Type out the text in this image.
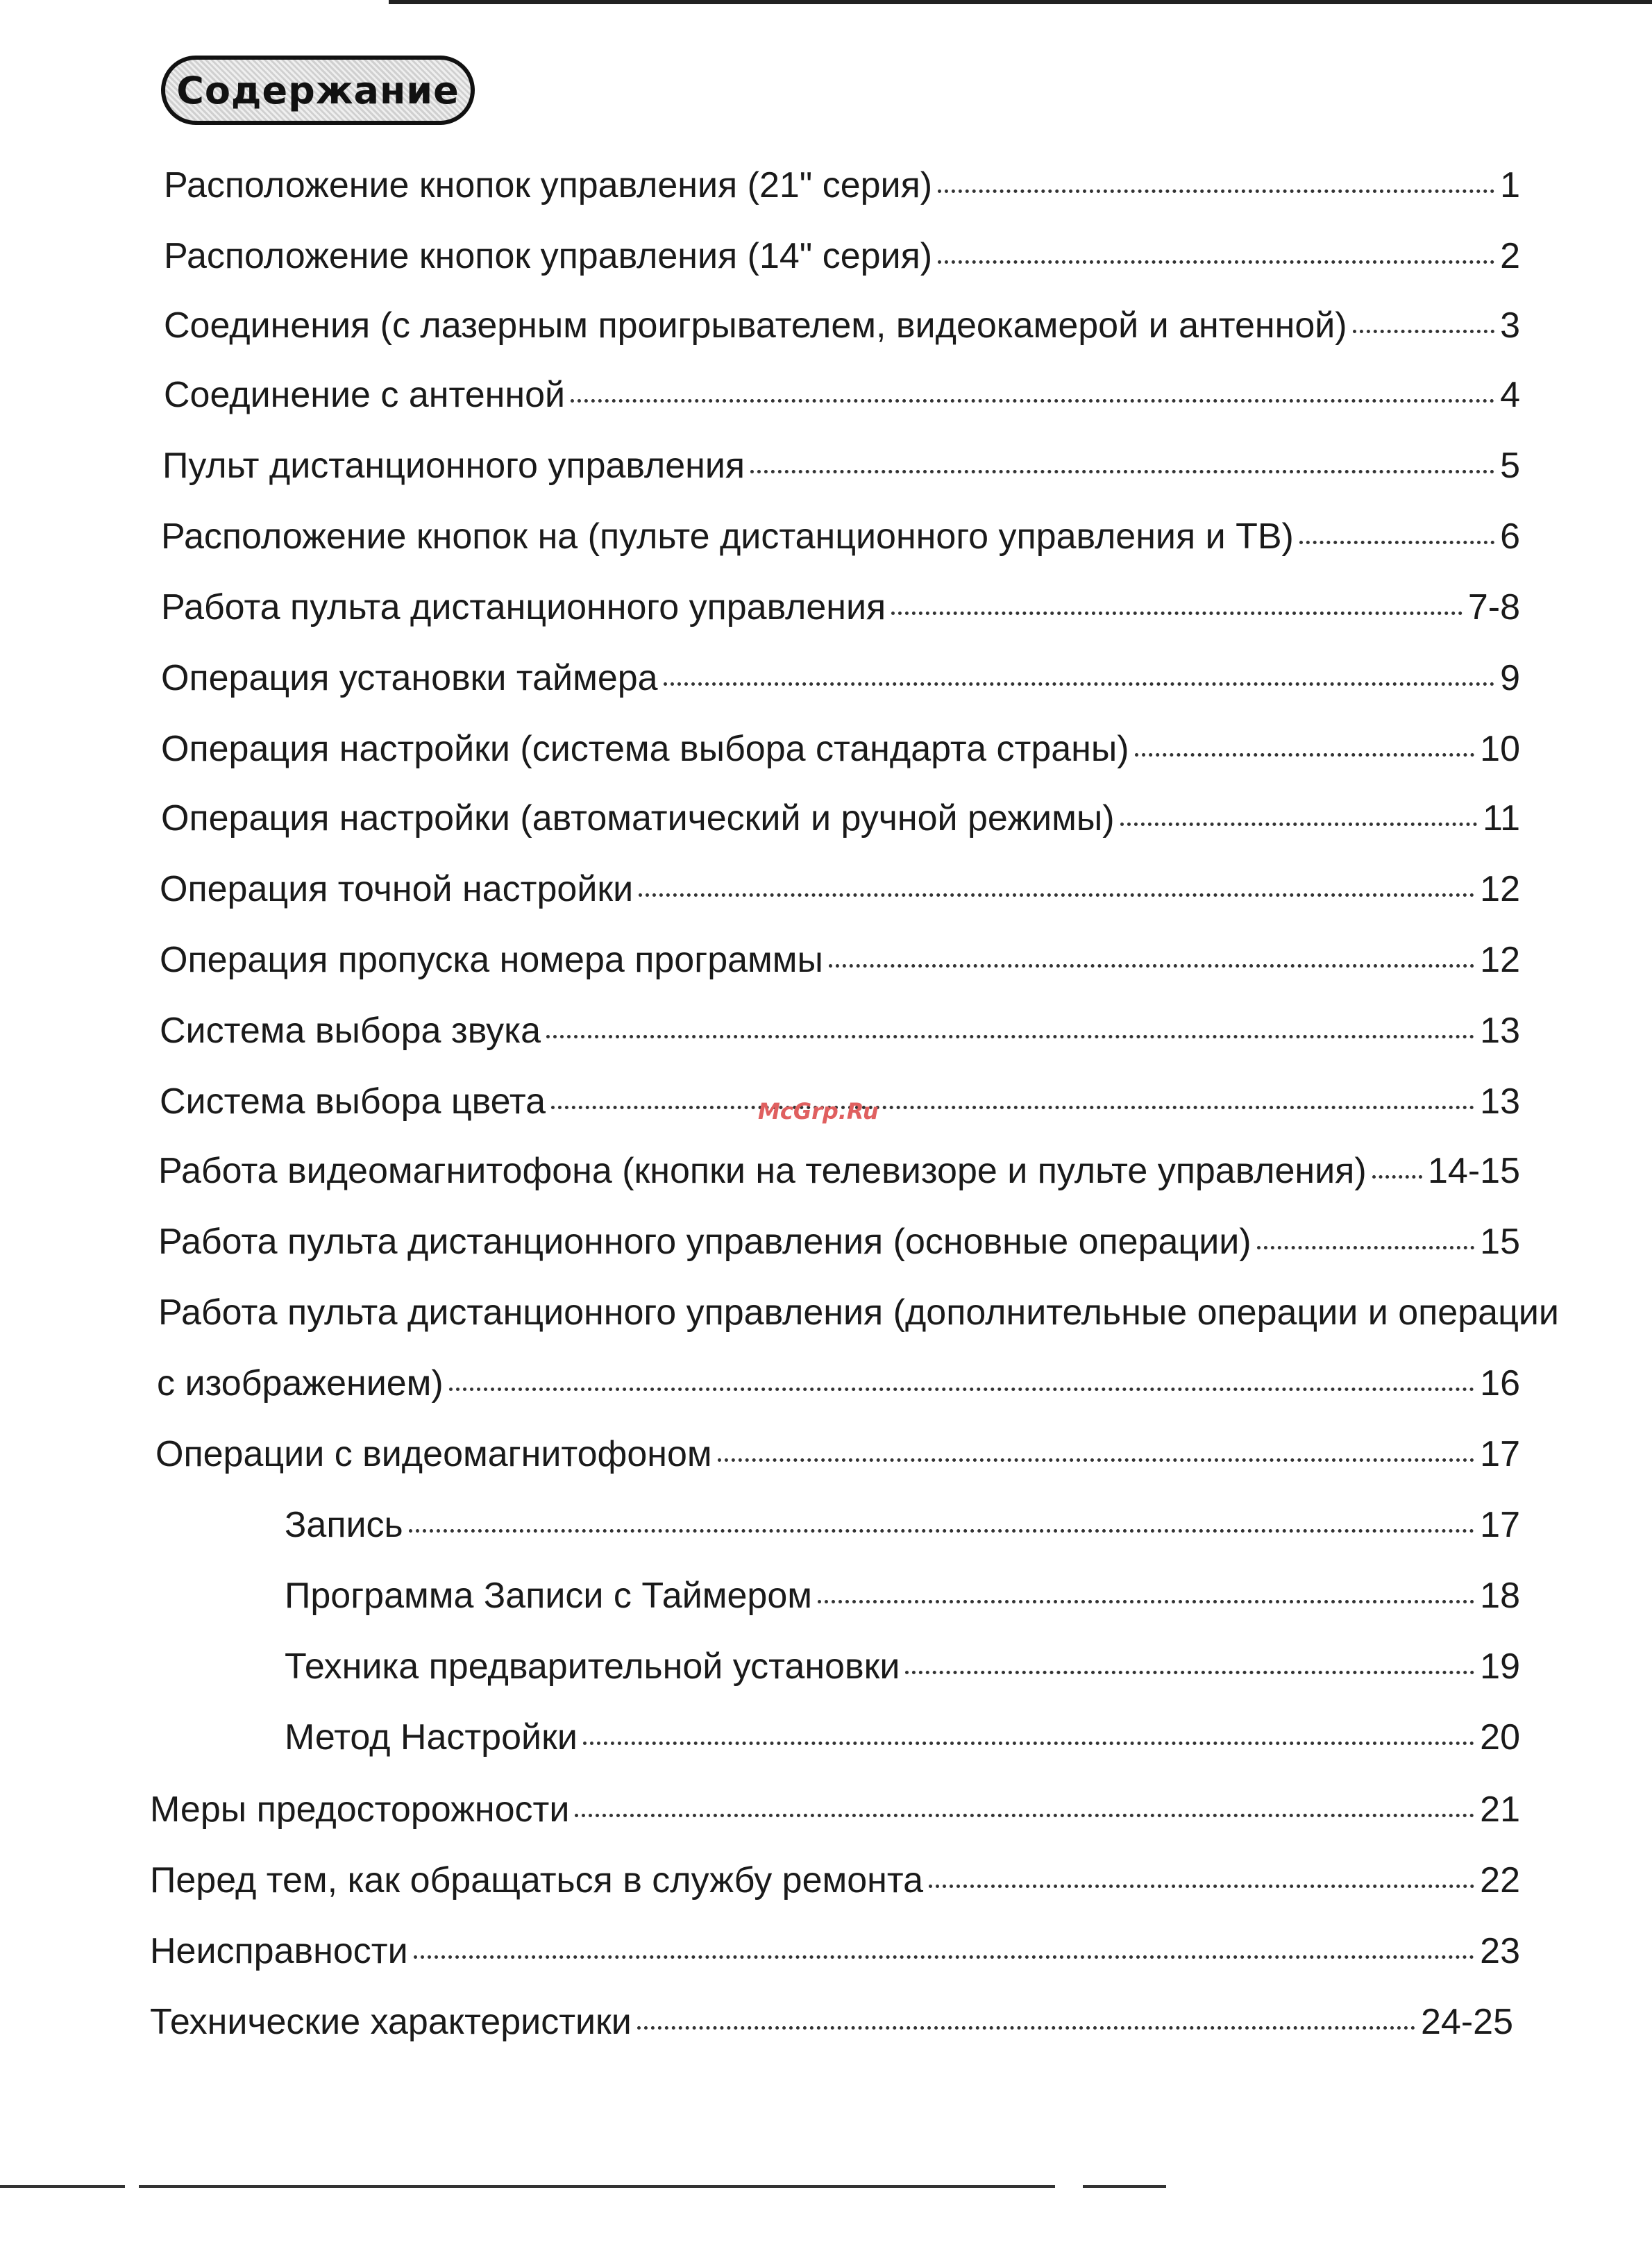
Содержание
Расположение кнопок управления (21" серия)	1
Расположение кнопок управления (14" серия)	2
Соединения (с лазерным проигрывателем, видеокамерой и антенной)	3
Соединение с антенной	4
Пульт дистанционного управления	5
Расположение кнопок на (пульте дистанционного управления и ТВ)	6
Работа пульта дистанционного управления	7-8
Операция установки таймера	9
Операция настройки (система выбора стандарта страны)	10
Операция настройки (автоматический и ручной режимы)	11
Операция точной настройки	12
Операция пропуска номера программы	12
Система выбора звука	13
Система выбора цвета	13
Работа видеомагнитофона (кнопки на телевизоре и пульте управления) 14-15
Работа пульта дистанционного управления (основные операции)	15
Работа пульта дистанционного управления (дополнительные операции и операции
с изображением)	16
Операции с видеомагнитофоном	17
Запись	17
Программа Записи с Таймером	18
Техника предварительной установки	19
Метод Настройки	20
Меры предосторожности	21
Перед тем, как обращаться в службу ремонта	22
Неисправности	23
Технические характеристики	24-25
McGrp.Ru
